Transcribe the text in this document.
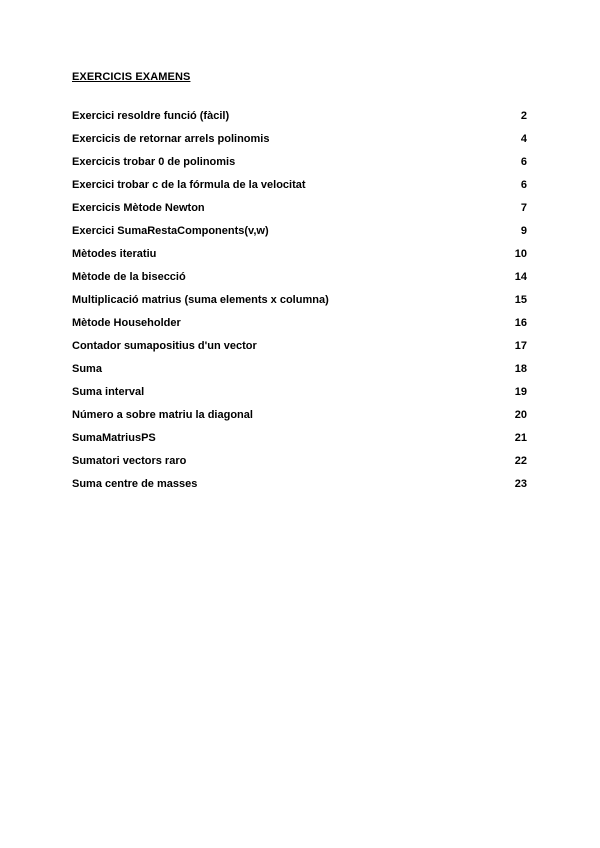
EXERCICIS EXAMENS
Exercici resoldre funció (fàcil)	2
Exercicis de retornar arrels polinomis	4
Exercicis trobar 0 de polinomis	6
Exercici trobar c de la fórmula de la velocitat	6
Exercicis Mètode Newton	7
Exercici SumaRestaComponents(v,w)	9
Mètodes iteratiu	10
Mètode de la bisecció	14
Multiplicació matrius (suma elements x columna)	15
Mètode Householder	16
Contador sumapositius d'un vector	17
Suma	18
Suma interval	19
Número a sobre matriu la diagonal	20
SumaMatriusPS	21
Sumatori vectors raro	22
Suma centre de masses	23
